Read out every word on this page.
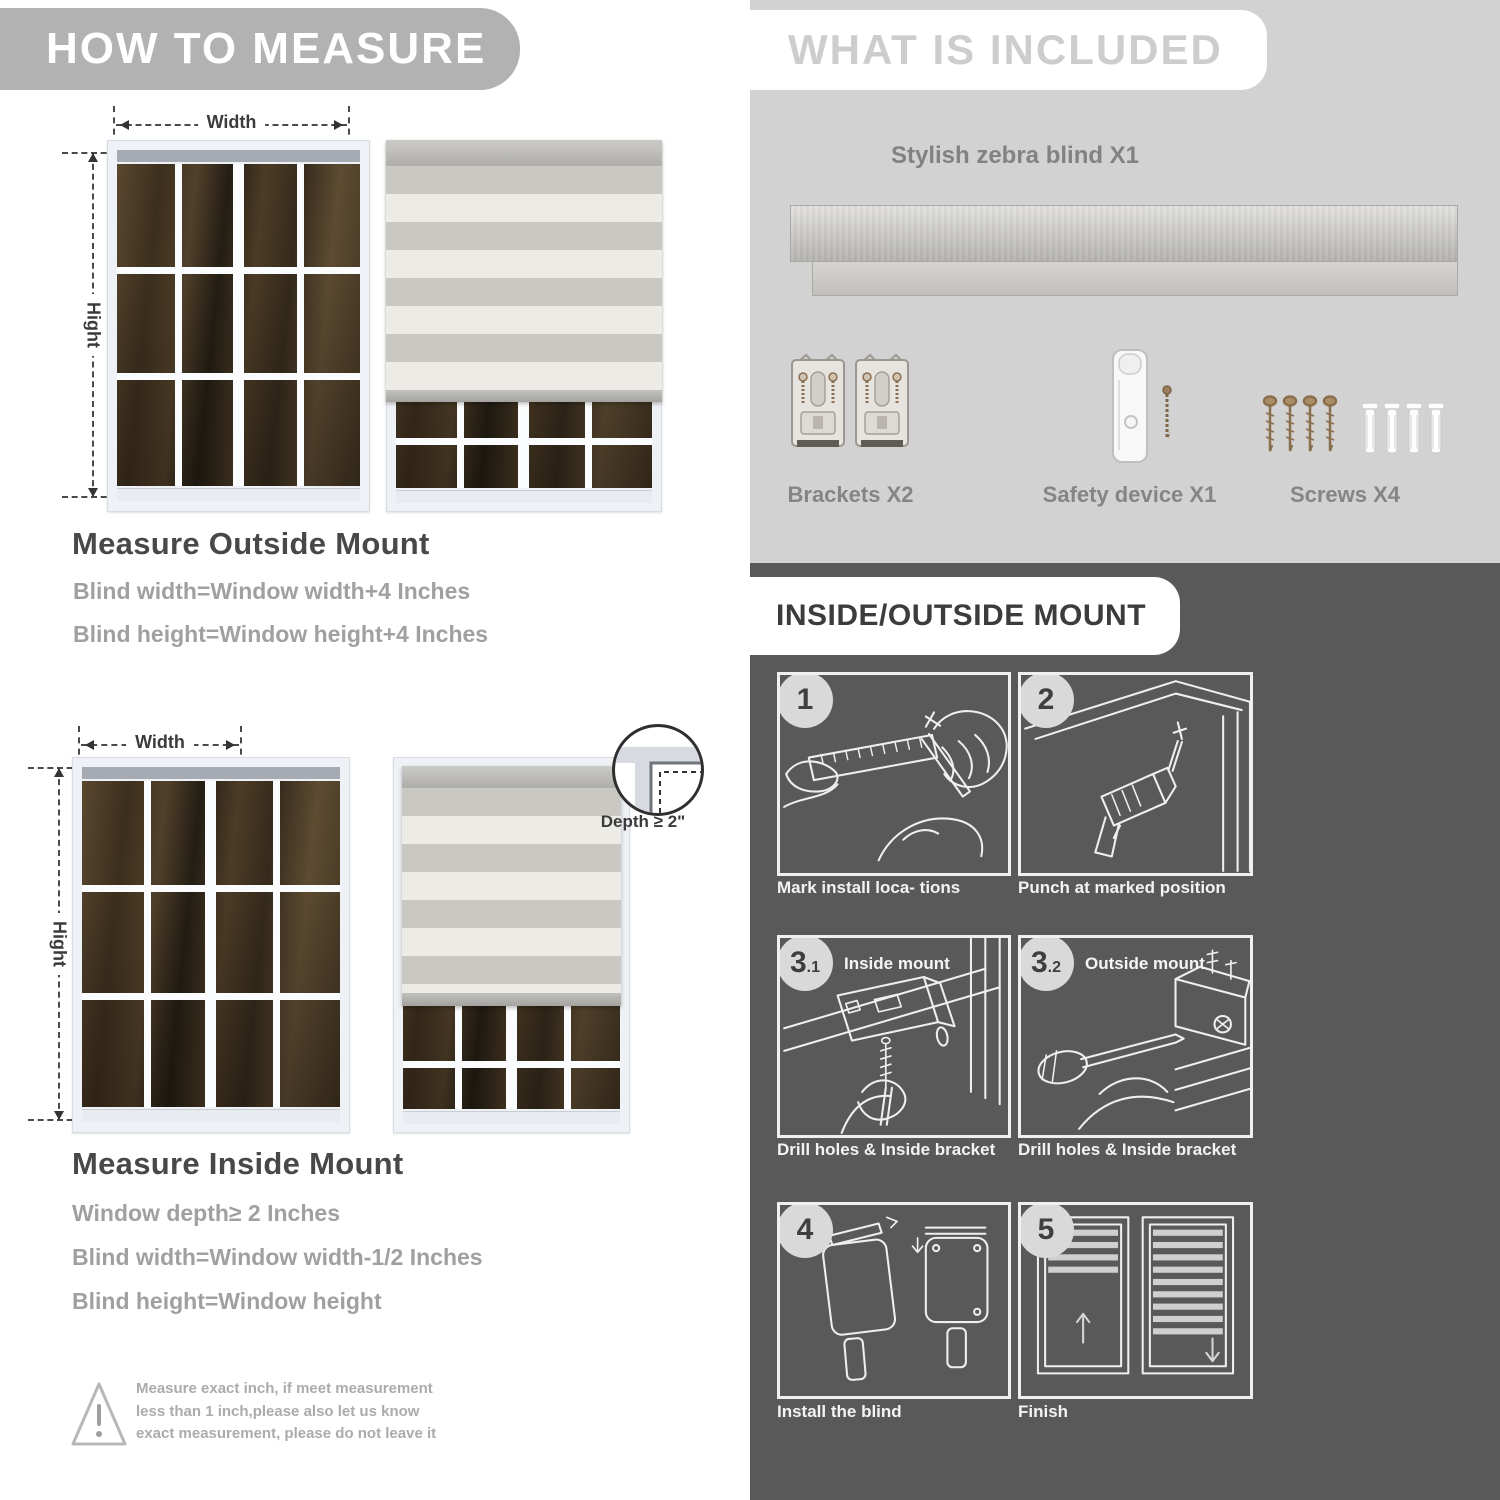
HOW TO MEASURE
Width
Hight
Measure Outside Mount
Blind width=Window width+4 Inches
Blind height=Window height+4 Inches
Width
Hight
Depth ≥ 2"
Measure Inside Mount
Window depth≥ 2 Inches
Blind width=Window width-1/2 Inches
Blind height=Window height
Measure exact inch, if meet measurement less than 1 inch,please also let us know exact measurement, please do not leave it
WHAT IS INCLUDED
Stylish zebra blind X1
Brackets X2	Safety device X1	Screws X4
INSIDE/OUTSIDE MOUNT
1	2
Mark install loca- tions	Punch at marked position
3.1	Inside mount	3.2	Outside mount
Drill holes & Inside bracket	Drill holes & Inside bracket
4	5
Install the blind	Finish
